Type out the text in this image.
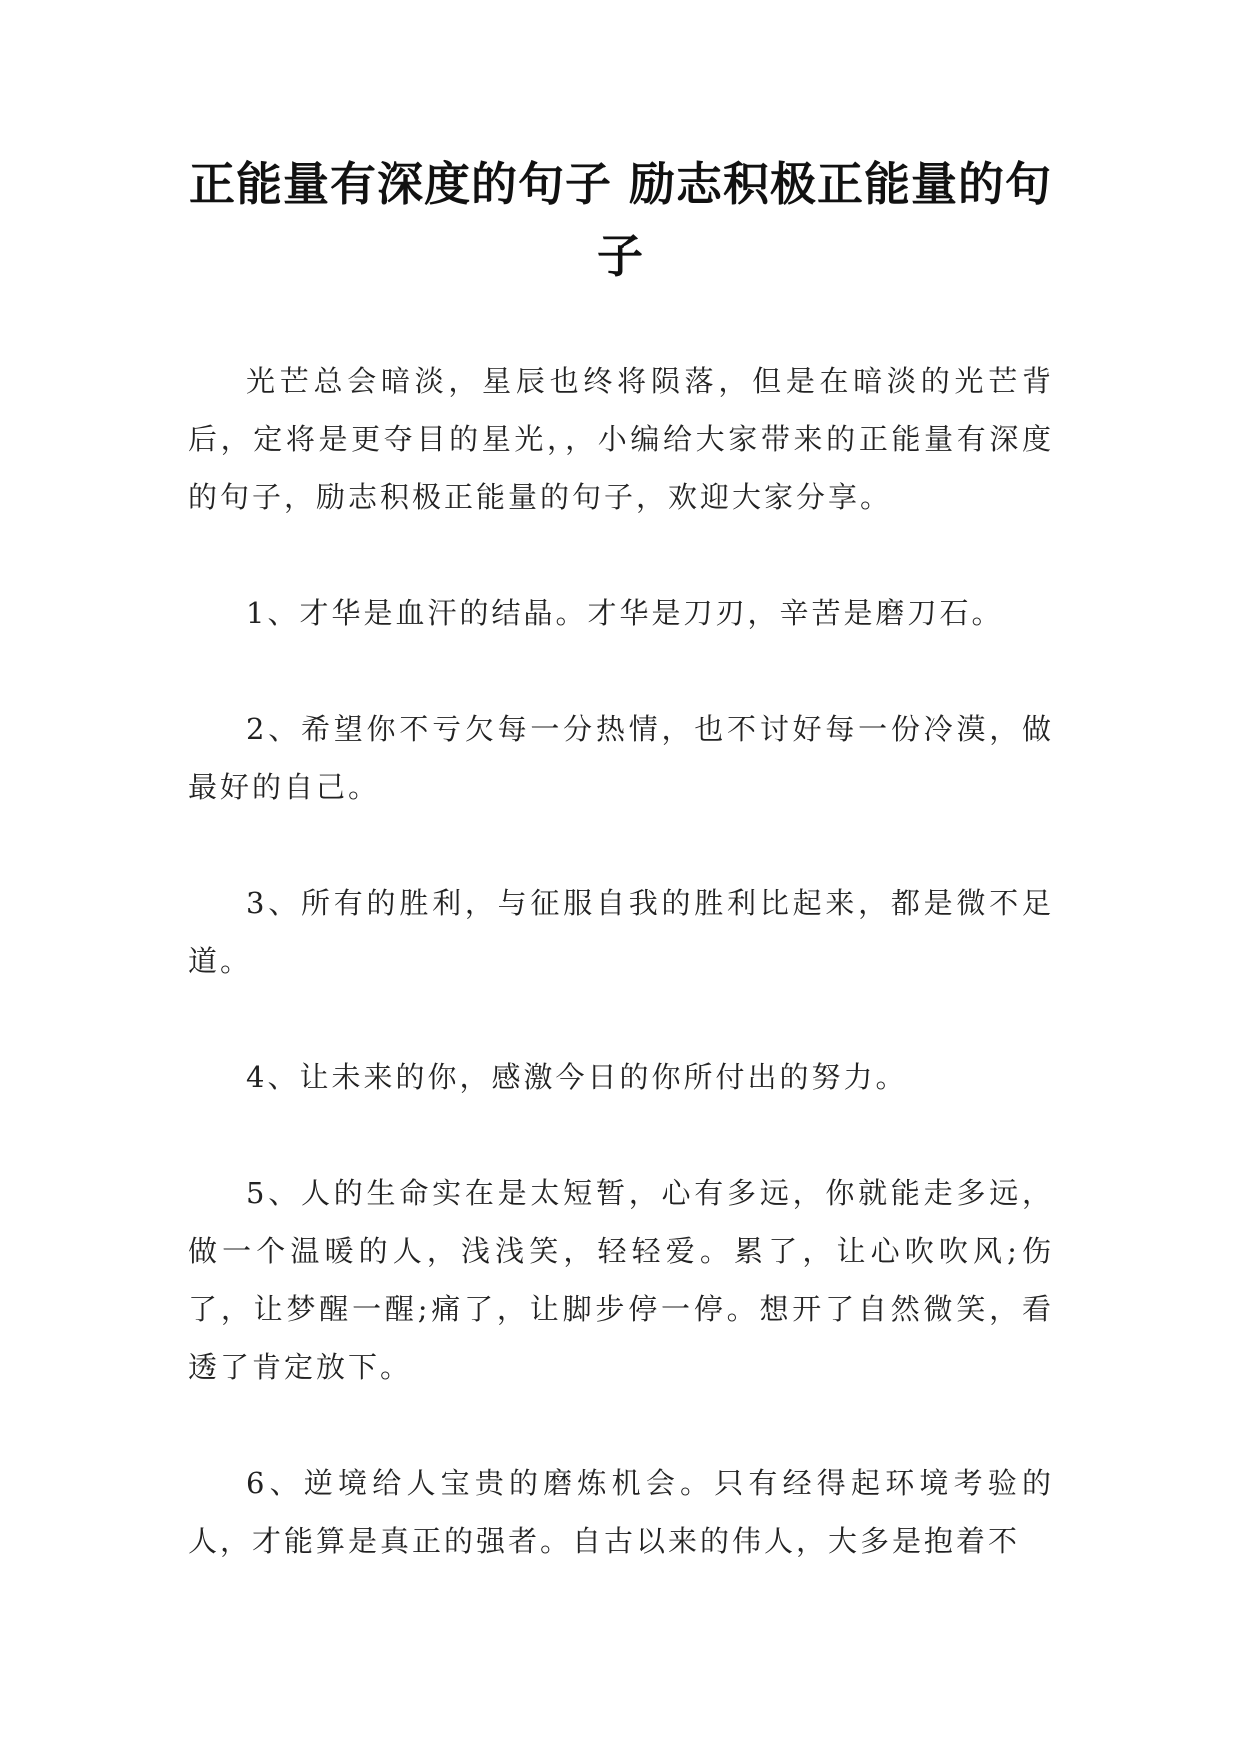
正能量有深度的句子 励志积极正能量的句子

光芒总会暗淡，星辰也终将陨落，但是在暗淡的光芒背后，定将是更夺目的星光，，小编给大家带来的正能量有深度的句子，励志积极正能量的句子，欢迎大家分享。

1、才华是血汗的结晶。才华是刀刃，辛苦是磨刀石。

2、希望你不亏欠每一分热情，也不讨好每一份冷漠，做最好的自己。

3、所有的胜利，与征服自我的胜利比起来，都是微不足道。

4、让未来的你，感激今日的你所付出的努力。

5、人的生命实在是太短暂，心有多远，你就能走多远，做一个温暖的人，浅浅笑，轻轻爱。累了，让心吹吹风;伤了，让梦醒一醒;痛了，让脚步停一停。想开了自然微笑，看透了肯定放下。

6、逆境给人宝贵的磨炼机会。只有经得起环境考验的人，才能算是真正的强者。自古以来的伟人，大多是抱着不
